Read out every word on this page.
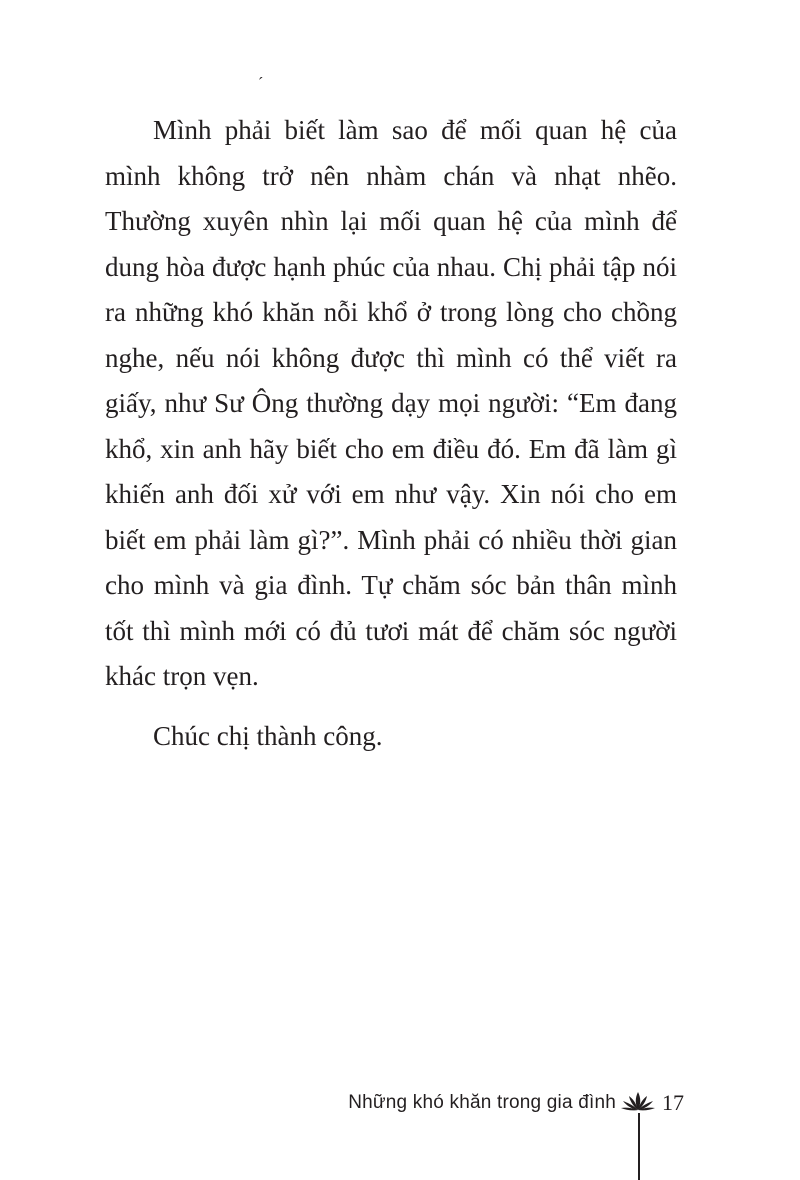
ˊ

Mình phải biết làm sao để mối quan hệ của mình không trở nên nhàm chán và nhạt nhẽo. Thường xuyên nhìn lại mối quan hệ của mình để dung hòa được hạnh phúc của nhau. Chị phải tập nói ra những khó khăn nỗi khổ ở trong lòng cho chồng nghe, nếu nói không được thì mình có thể viết ra giấy, như Sư Ông thường dạy mọi người: “Em đang khổ, xin anh hãy biết cho em điều đó. Em đã làm gì khiến anh đối xử với em như vậy. Xin nói cho em biết em phải làm gì?”. Mình phải có nhiều thời gian cho mình và gia đình. Tự chăm sóc bản thân mình tốt thì mình mới có đủ tươi mát để chăm sóc người khác trọn vẹn.

Chúc chị thành công.

Những khó khăn trong gia đình 17
